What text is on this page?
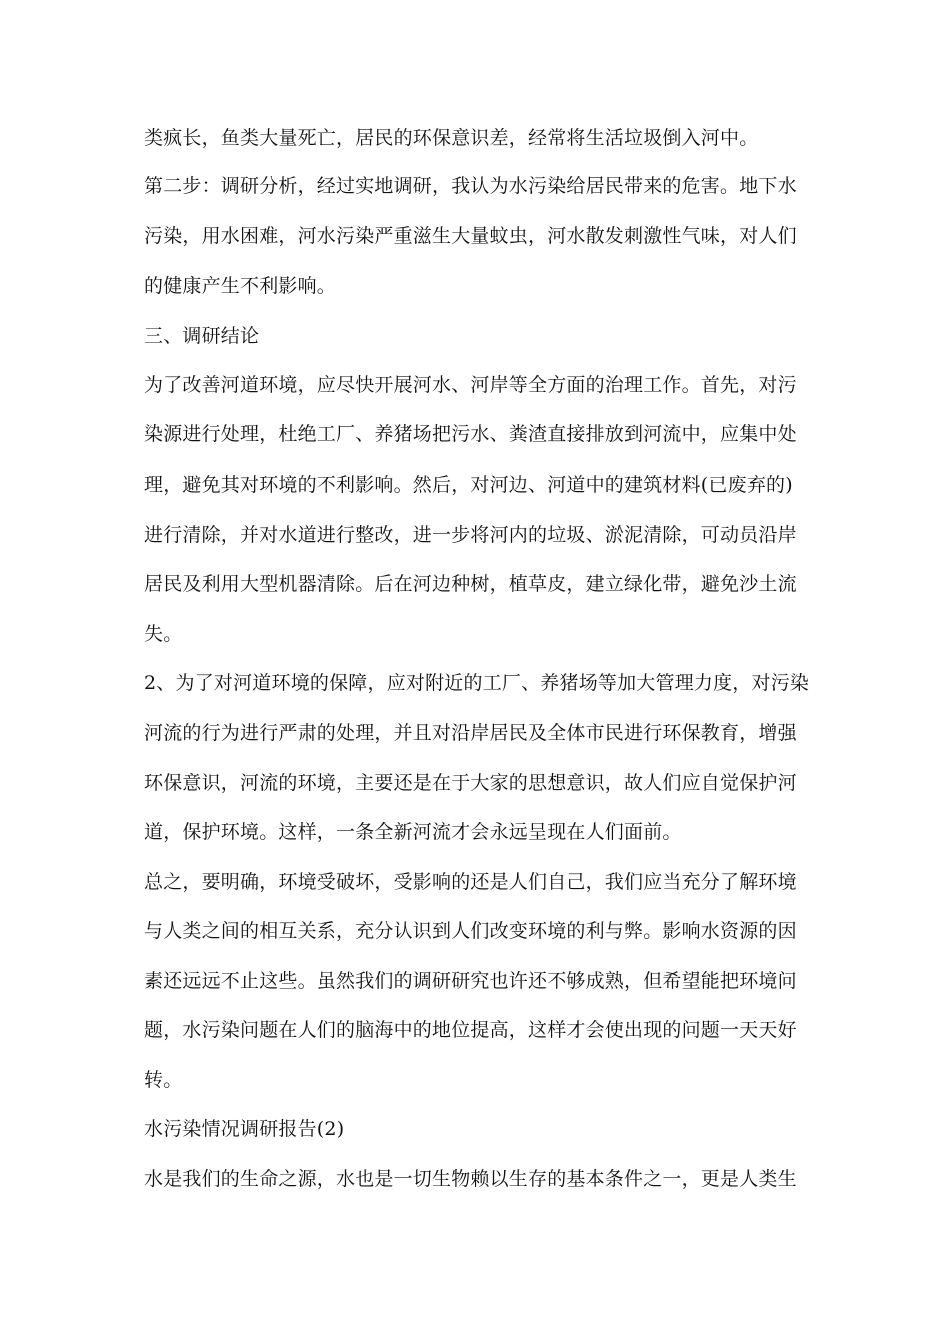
类疯长，鱼类大量死亡，居民的环保意识差，经常将生活垃圾倒入河中。
第二步：调研分析，经过实地调研，我认为水污染给居民带来的危害。地下水
污染，用水困难，河水污染严重滋生大量蚊虫，河水散发刺激性气味，对人们
的健康产生不利影响。
三、调研结论
为了改善河道环境，应尽快开展河水、河岸等全方面的治理工作。首先，对污
染源进行处理，杜绝工厂、养猪场把污水、粪渣直接排放到河流中，应集中处
理，避免其对环境的不利影响。然后，对河边、河道中的建筑材料(已废弃的)
进行清除，并对水道进行整改，进一步将河内的垃圾、淤泥清除，可动员沿岸
居民及利用大型机器清除。后在河边种树，植草皮，建立绿化带，避免沙土流
失。
2、为了对河道环境的保障，应对附近的工厂、养猪场等加大管理力度，对污染
河流的行为进行严肃的处理，并且对沿岸居民及全体市民进行环保教育，增强
环保意识，河流的环境，主要还是在于大家的思想意识，故人们应自觉保护河
道，保护环境。这样，一条全新河流才会永远呈现在人们面前。
总之，要明确，环境受破坏，受影响的还是人们自己，我们应当充分了解环境
与人类之间的相互关系，充分认识到人们改变环境的利与弊。影响水资源的因
素还远远不止这些。虽然我们的调研研究也许还不够成熟，但希望能把环境问
题，水污染问题在人们的脑海中的地位提高，这样才会使出现的问题一天天好
转。
水污染情况调研报告(2)
水是我们的生命之源，水也是一切生物赖以生存的基本条件之一，更是人类生
